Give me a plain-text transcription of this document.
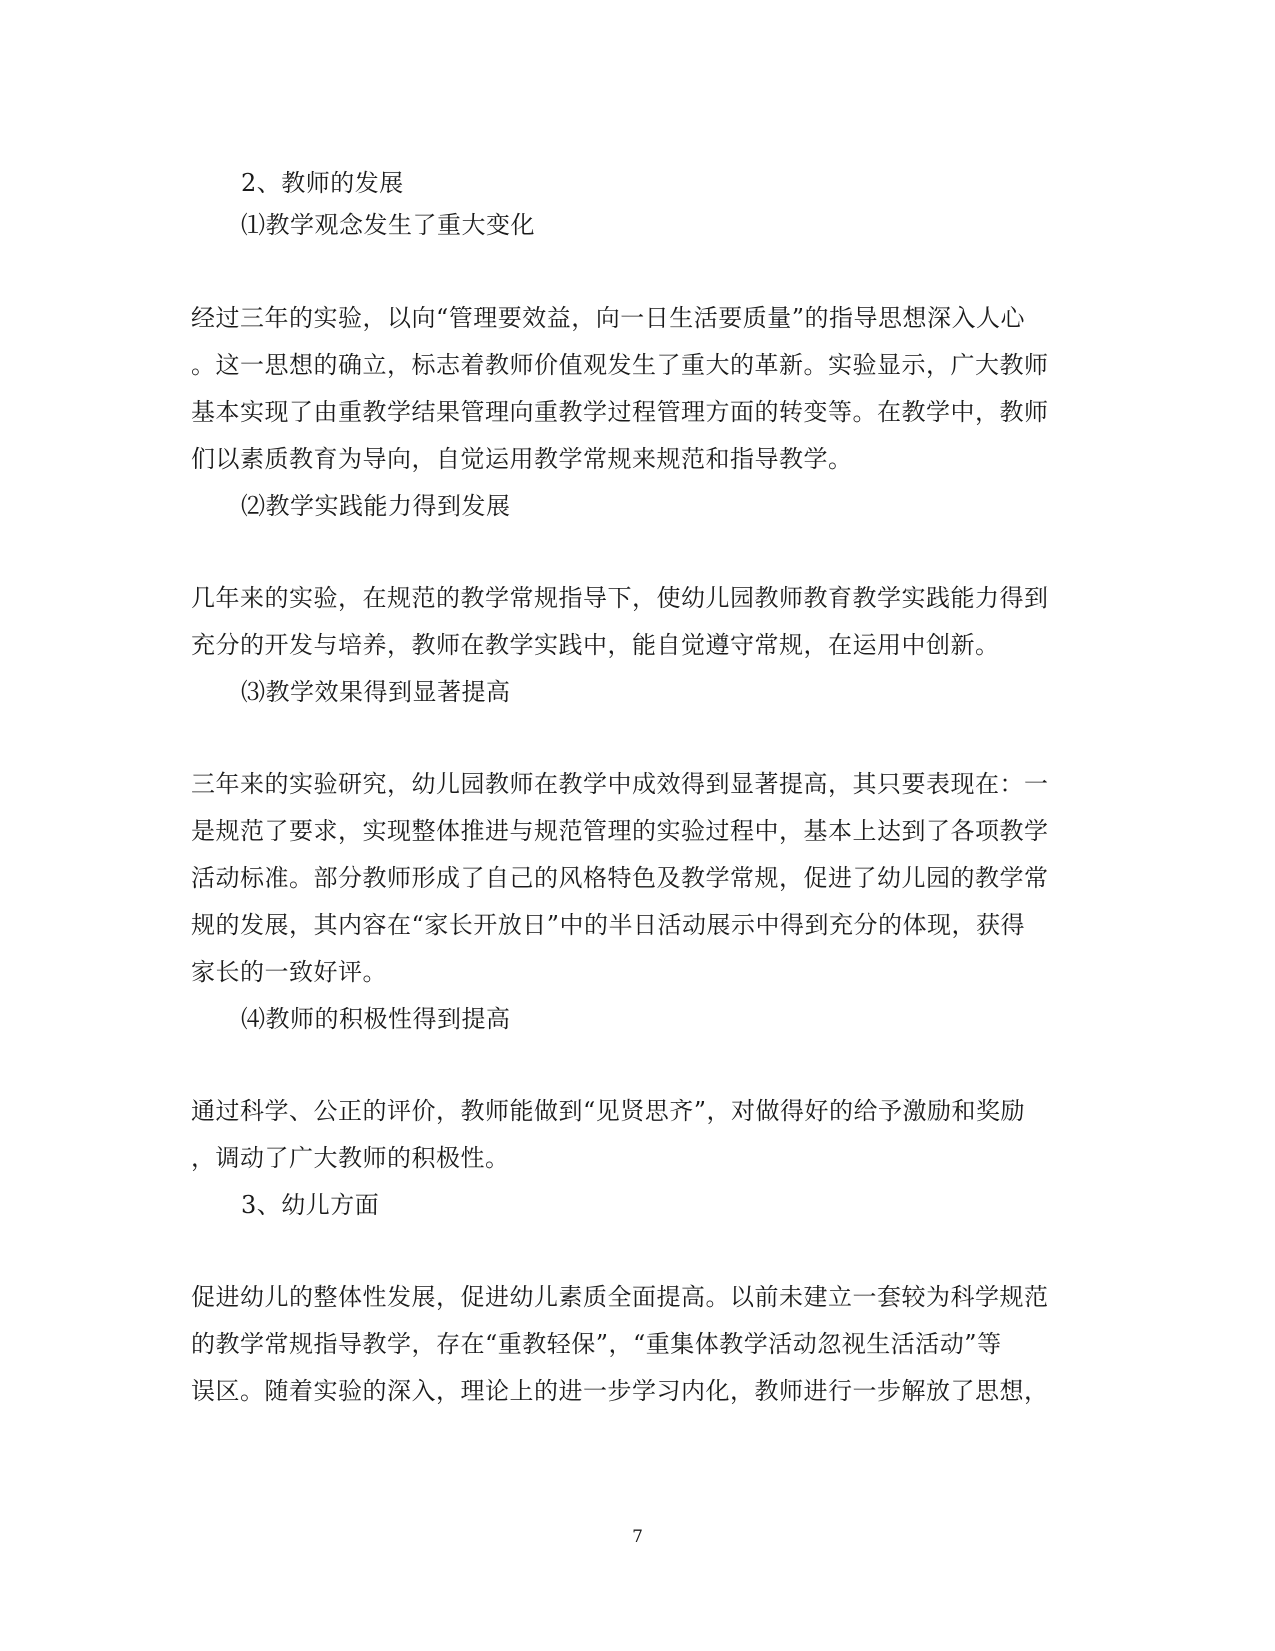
2、教师的发展
⑴教学观念发生了重大变化
经过三年的实验，以向“管理要效益，向一日生活要质量”的指导思想深入人心
。这一思想的确立，标志着教师价值观发生了重大的革新。实验显示，广大教师
基本实现了由重教学结果管理向重教学过程管理方面的转变等。在教学中，教师
们以素质教育为导向，自觉运用教学常规来规范和指导教学。
⑵教学实践能力得到发展
几年来的实验，在规范的教学常规指导下，使幼儿园教师教育教学实践能力得到
充分的开发与培养，教师在教学实践中，能自觉遵守常规，在运用中创新。
⑶教学效果得到显著提高
三年来的实验研究，幼儿园教师在教学中成效得到显著提高，其只要表现在：一
是规范了要求，实现整体推进与规范管理的实验过程中，基本上达到了各项教学
活动标准。部分教师形成了自己的风格特色及教学常规，促进了幼儿园的教学常
规的发展，其内容在“家长开放日”中的半日活动展示中得到充分的体现，获得
家长的一致好评。
⑷教师的积极性得到提高
通过科学、公正的评价，教师能做到“见贤思齐”，对做得好的给予激励和奖励
，调动了广大教师的积极性。
3、幼儿方面
促进幼儿的整体性发展，促进幼儿素质全面提高。以前未建立一套较为科学规范
的教学常规指导教学，存在“重教轻保”，“重集体教学活动忽视生活活动”等
误区。随着实验的深入，理论上的进一步学习内化，教师进行一步解放了思想，
7
